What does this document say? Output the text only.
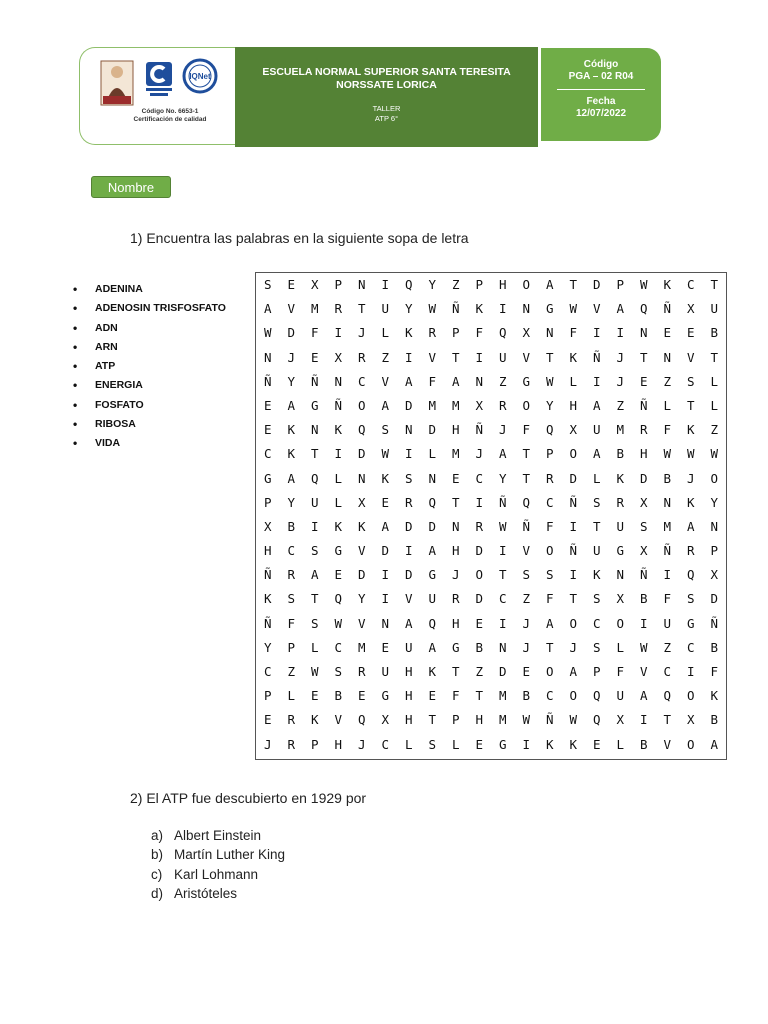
IQNet
Código No. 6653-1
Certificación de calidad
ESCUELA NORMAL SUPERIOR SANTA TERESITA NORSSATE LORICA
TALLER
ATP 6°
Código
PGA – 02 R04
Fecha
12/07/2022
Nombre
1) Encuentra las palabras en la siguiente sopa de letra
• ADENINA
• ADENOSIN TRISFOSFATO
• ADN
• ARN
• ATP
• ENERGIA
• FOSFATO
• RIBOSA
• VIDA
S	E	X	P	N	I	Q	Y	Z	P	H	O	A	T	D	P	W	K	C	T
A	V	M	R	T	U	Y	W	Ñ	K	I	N	G	W	V	A	Q	Ñ	X	U
W	D	F	I	J	L	K	R	P	F	Q	X	N	F	I	I	N	E	E	B
N	J	E	X	R	Z	I	V	T	I	U	V	T	K	Ñ	J	T	N	V	T
Ñ	Y	Ñ	N	C	V	A	F	A	N	Z	G	W	L	I	J	E	Z	S	L
E	A	G	Ñ	O	A	D	M	M	X	R	O	Y	H	A	Z	Ñ	L	T	L
E	K	N	K	Q	S	N	D	H	Ñ	J	F	Q	X	U	M	R	F	K	Z
C	K	T	I	D	W	I	L	M	J	A	T	P	O	A	B	H	W	W	W
G	A	Q	L	N	K	S	N	E	C	Y	T	R	D	L	K	D	B	J	O
P	Y	U	L	X	E	R	Q	T	I	Ñ	Q	C	Ñ	S	R	X	N	K	Y
X	B	I	K	K	A	D	D	N	R	W	Ñ	F	I	T	U	S	M	A	N
H	C	S	G	V	D	I	A	H	D	I	V	O	Ñ	U	G	X	Ñ	R	P
Ñ	R	A	E	D	I	D	G	J	O	T	S	S	I	K	N	Ñ	I	Q	X
K	S	T	Q	Y	I	V	U	R	D	C	Z	F	T	S	X	B	F	S	D
Ñ	F	S	W	V	N	A	Q	H	E	I	J	A	O	C	O	I	U	G	Ñ
Y	P	L	C	M	E	U	A	G	B	N	J	T	J	S	L	W	Z	C	B
C	Z	W	S	R	U	H	K	T	Z	D	E	O	A	P	F	V	C	I	F
P	L	E	B	E	G	H	E	F	T	M	B	C	O	Q	U	A	Q	O	K
E	R	K	V	Q	X	H	T	P	H	M	W	Ñ	W	Q	X	I	T	X	B
J	R	P	H	J	C	L	S	L	E	G	I	K	K	E	L	B	V	O	A
2) El ATP fue descubierto en 1929 por
a) Albert Einstein
b) Martín Luther King
c) Karl Lohmann
d) Aristóteles
